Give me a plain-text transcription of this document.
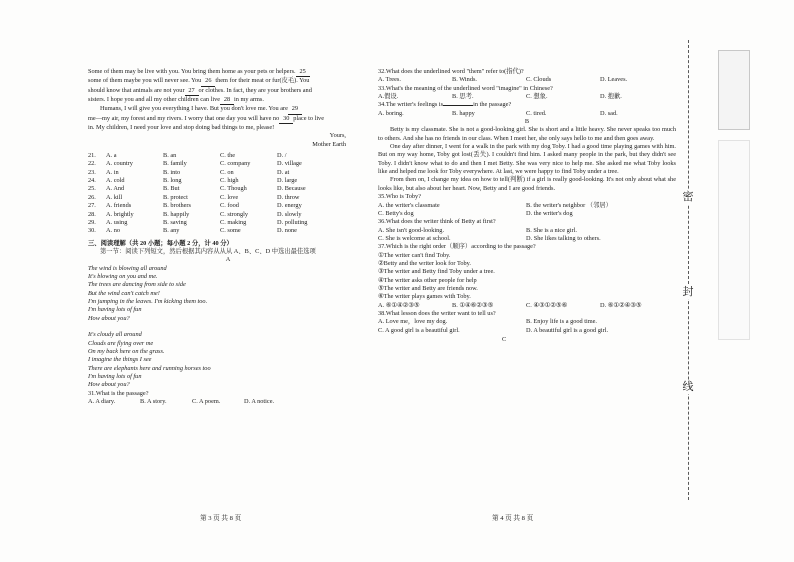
Some of them may be live with you. You bring them home as your pets or helpers. 25
some of them maybe you will never see. You 26 them for their meat or fur(皮毛). You
should know that animals are not your 27 or clothes. In fact, they are your brothers and
sisters. I hope you and all my other children can live 28 in my arms.
Humans, I will give you everything I have. But you don't love me. You are 29
me—my air, my forest and my rivers. I worry that one day you will have no 30 place to live
in. My children, I need your love and stop doing bad things to me, please!
Yours,
Mother Earth
21.	A. a	B. an	C. the	D. /
22.	A. country	B. family	C. company	D. village
23.	A. in	B. into	C. on	D. at
24.	A. cold	B. long	C. high	D. large
25.	A. And	B. But	C. Though	D. Because
26.	A. kill	B. protect	C. love	D. throw
27.	A. friends	B. brothers	C. food	D. energy
28.	A. brightly	B. happily	C. strongly	D. slowly
29.	A. using	B. saving	C. making	D. polluting
30.	A. no	B. any	C. some	D. none
三、阅读理解（共 20 小题；每小题 2 分，计 40 分）
第一节：阅读下列短文，然后根据其内容从从从 A、B、C、D 中选出最佳选项
A
The wind is blowing all around
It's blowing on you and me.
The trees are dancing from side to side
But the wind can't catch me!
I'm jumping in the leaves. I'm kicking them too.
I'm having lots of fun
How about you?
It's cloudy all around
Clouds are flying over me
On my back here on the grass.
I imagine the things I see
There are elephants here and running horses too
I'm having lots of fun
How about you?
31.What is the passage?
A. A diary.	B. A story.	C. A poem.	D. A notice.
32.What does the underlined word "them" refer to(指代)?
A. Trees.	B. Winds.	C. Clouds	D. Leaves.
33.What's the meaning of the underlined word "imagine" in Chinese?
A.假设.	B. 思考.	C. 想象.	D. 抱歉.
34.The writer's feelings is	in the passage?
A. boring.	B. happy	C. tired.	D. sad.
B
Betty is my classmate. She is not a good-looking girl. She is short and a little heavy. She never speaks too much to others. And she has no friends in our class. When I meet her, she only says hello to me and then goes away.
One day after dinner, I went for a walk in the park with my dog Toby. I had a good time playing games with him. But on my way home, Toby got lost(丢失). I couldn't find him. I asked many people in the park, but they didn't see Toby. I didn't know what to do and then I met Betty. She was very nice to help me. She asked me what Toby looks like and helped me look for Toby everywhere. At last, we were happy to find Toby under a tree.
From then on, I change my idea on how to tell(判断) if a girl is really good-looking. It's not only about what she looks like, but also about her heart. Now, Betty and I are good friends.
35.Who is Toby?
A. the writer's classmate	B. the writer's neighbor （邻居）
C. Betty's dog	D. the writer's dog
36.What does the writer think of Betty at first?
A. She isn't good-looking.	B. She is a nice girl.
C. She is welcome at school.	D. She likes talking to others.
37.Which is the right order（顺序）according to the passage?
①The writer can't find Toby.
②Betty and the writer look for Toby.
③The writer and Betty find Toby under a tree.
④The writer asks other people for help
⑤The writer and Betty are friends now.
⑥The writer plays games with Toby.
A. ⑥①④②③⑤	B. ①④⑥②③⑤	C. ④③①②⑤⑥	D. ⑥①②④③⑤
38.What lesson does the writer want to tell us?
A. Love me，love my dog.	B. Enjoy life is a good time.
C. A good girl is a beautiful girl.	D. A beautiful girl is a good girl.
C
第 3 页 共 8 页	第 4 页 共 8 页
密
封
线
